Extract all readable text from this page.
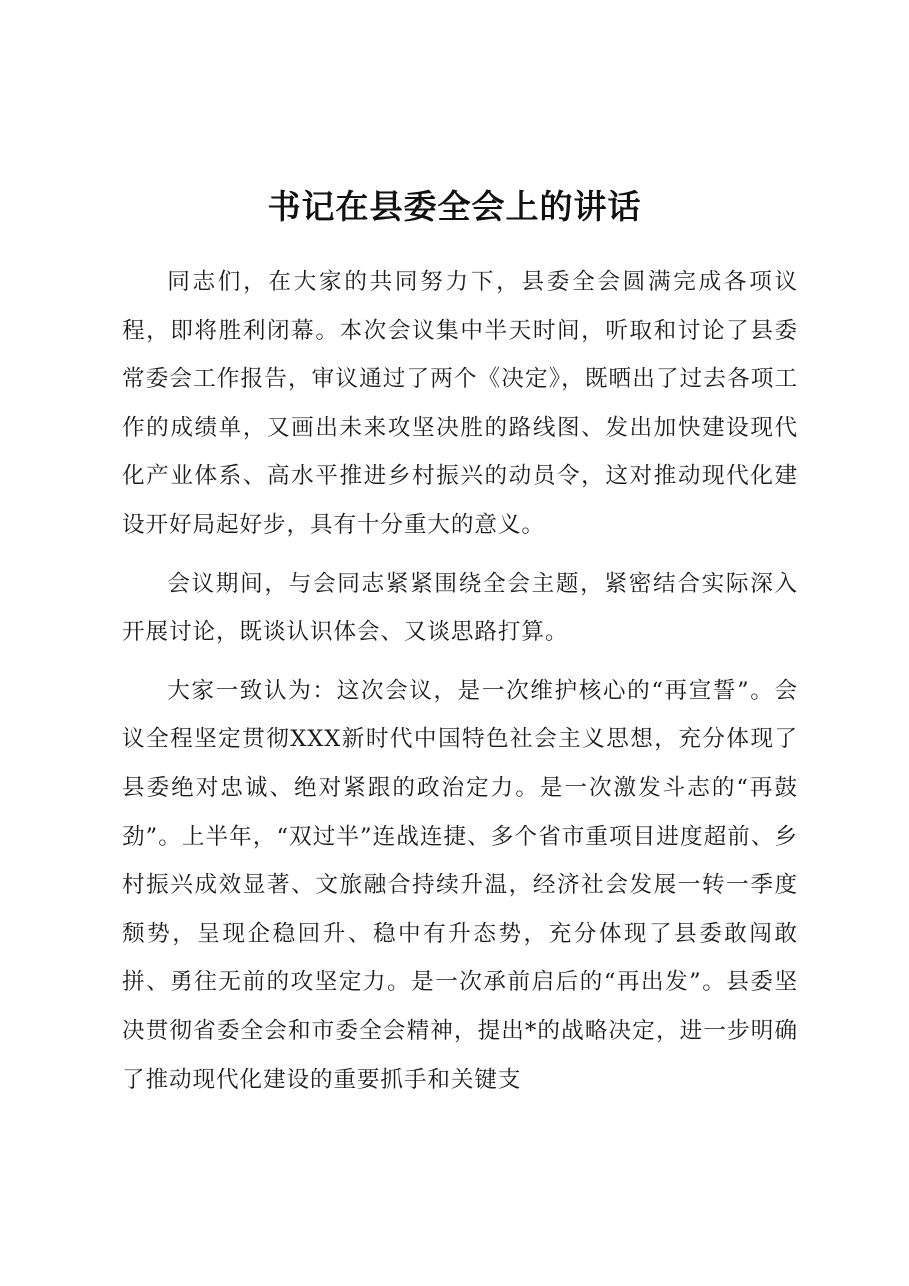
书记在县委全会上的讲话

同志们，在大家的共同努力下，县委全会圆满完成各项议程，即将胜利闭幕。本次会议集中半天时间，听取和讨论了县委常委会工作报告，审议通过了两个《决定》，既晒出了过去各项工作的成绩单，又画出未来攻坚决胜的路线图、发出加快建设现代化产业体系、高水平推进乡村振兴的动员令，这对推动现代化建设开好局起好步，具有十分重大的意义。

会议期间，与会同志紧紧围绕全会主题，紧密结合实际深入开展讨论，既谈认识体会、又谈思路打算。

大家一致认为：这次会议，是一次维护核心的“再宣誓”。会议全程坚定贯彻XXX新时代中国特色社会主义思想，充分体现了县委绝对忠诚、绝对紧跟的政治定力。是一次激发斗志的“再鼓劲”。上半年，“双过半”连战连捷、多个省市重项目进度超前、乡村振兴成效显著、文旅融合持续升温，经济社会发展一转一季度颓势，呈现企稳回升、稳中有升态势，充分体现了县委敢闯敢拼、勇往无前的攻坚定力。是一次承前启后的“再出发”。县委坚决贯彻省委全会和市委全会精神，提出*的战略决定，进一步明确了推动现代化建设的重要抓手和关键支
